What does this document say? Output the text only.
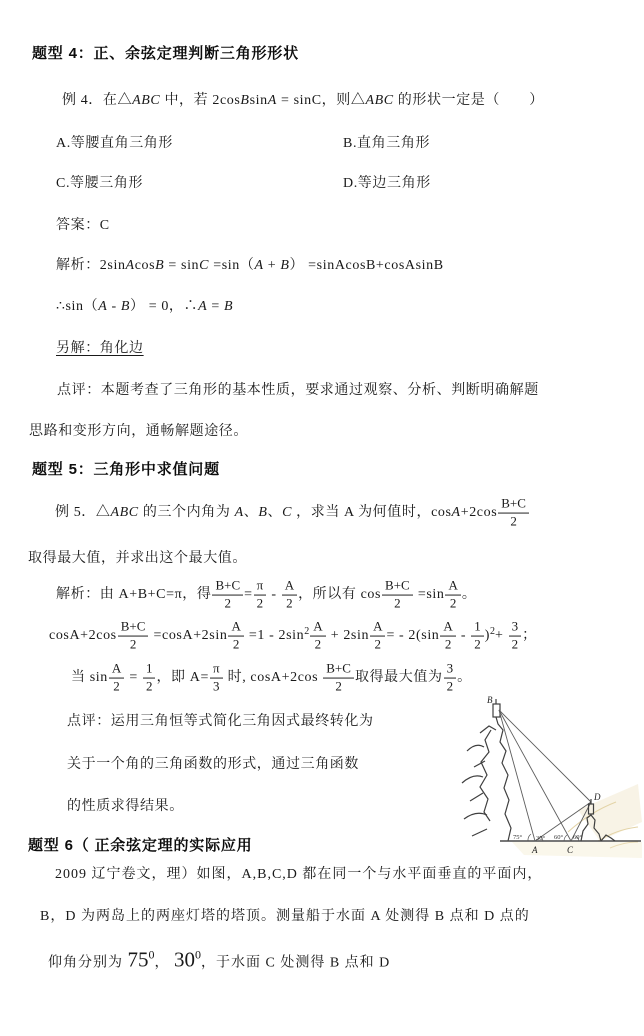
题型 4：正、余弦定理判断三角形形状
例 4．在△ABC 中，若 2cosBsinA = sinC，则△ABC 的形状一定是（　　）
A.等腰直角三角形	B.直角三角形
C.等腰三角形	D.等边三角形
答案：C
解析：2sinAcosB = sinC =sin（A + B） =sinAcosB+cosAsinB
∴sin（A - B） = 0，∴A = B
另解：角化边
点评：本题考查了三角形的基本性质，要求通过观察、分析、判断明确解题
思路和变形方向，通畅解题途径。
题型 5：三角形中求值问题
例 5．△ABC 的三个内角为 A、B、C ，求当 A 为何值时，$\cos A+2\cos \frac{B+C}{2}$
取得最大值，并求出这个最大值。
解析：由 A+B+C=π，得 $\frac{B+C}{2} = \frac{\pi}{2} - \frac{A}{2}$ ，所以有 $\cos \frac{B+C}{2} =\sin \frac{A}{2}$ 。
$\cos A+2\cos \frac{B+C}{2} =\cos A+2\sin \frac{A}{2} =1 - 2\sin^2 \frac{A}{2} + 2\sin \frac{A}{2}$ = - $2(\sin \frac{A}{2} - \frac{1}{2} )^2+ \frac{3}{2}$ ；
当 $\sin \frac{A}{2} = \frac{1}{2}$ ，即 $A= \frac{\pi}{3}$ 时, $\cos A+2\cos \frac{B+C}{2}$ 取得最大值为 $\frac{3}{2}$ 。
点评：运用三角恒等式简化三角因式最终转化为
关于一个角的三角函数的形式，通过三角函数
的性质求得结果。
B
D
A	C
75° 30° 60° 60°
题型 6（ 正余弦定理的实际应用
2009 辽宁卷文，理）如图，A,B,C,D 都在同一个与水平面垂直的平面内，
B，D 为两岛上的两座灯塔的塔顶。测量船于水面 A 处测得 B 点和 D 点的
仰角分别为 750， 300，于水面 C 处测得 B 点和 D
